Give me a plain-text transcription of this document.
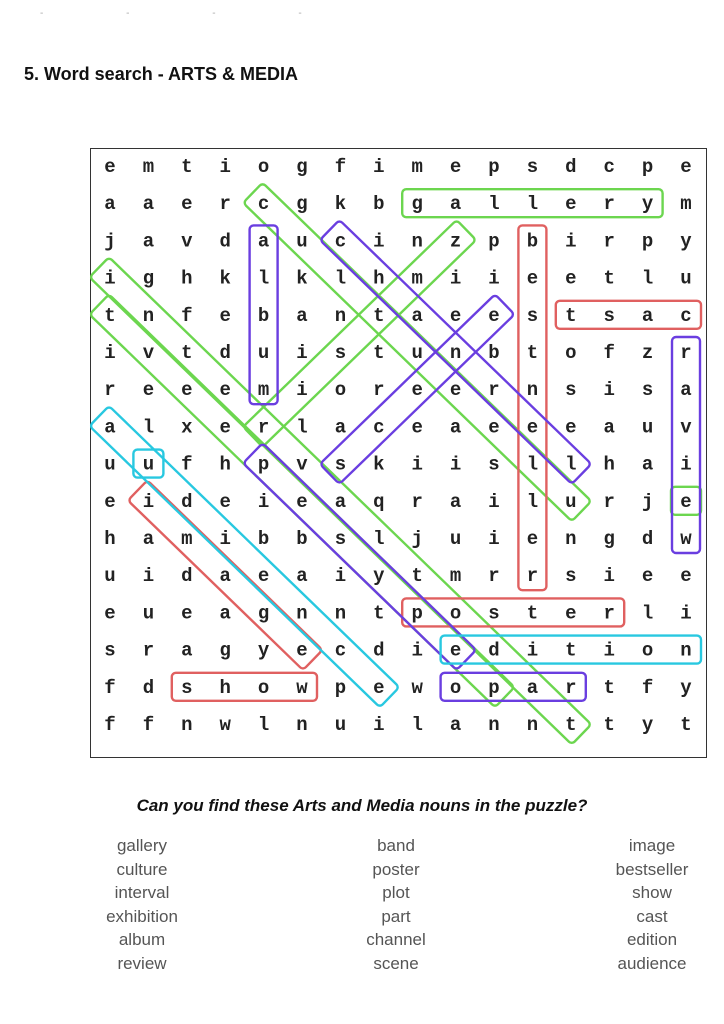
- - - -
5. Word search - ARTS & MEDIA
e m t i o g f i m e p s d c p e
a a e r c g k b g a l l e r y m
j a v d a u c i n z p b i r p y
i g h k l k l h m i i e e t l u
t n f e b a n t a e e s t s a c
i v t d u i s t u n b t o f z r
r e e e m i o r e e r n s i s a
a l x e r l a c e a e e e a u v
u u f h p v s k i i s l l h a i
e i d e i e a q r a i l u r j e
h a m i b b s l j u i e n g d w
u i d a e a i y t m r r s i e e
e u e a g n n t p o s t e r l i
s r a g y e c d i e d i t i o n
f d s h o w p e w o p a r t f y
f f n w l n u i l a n n t t y t
Can you find these Arts and Media nouns in the puzzle?
gallery
culture
interval
exhibition
album
review
band
poster
plot
part
channel
scene
image
bestseller
show
cast
edition
audience
